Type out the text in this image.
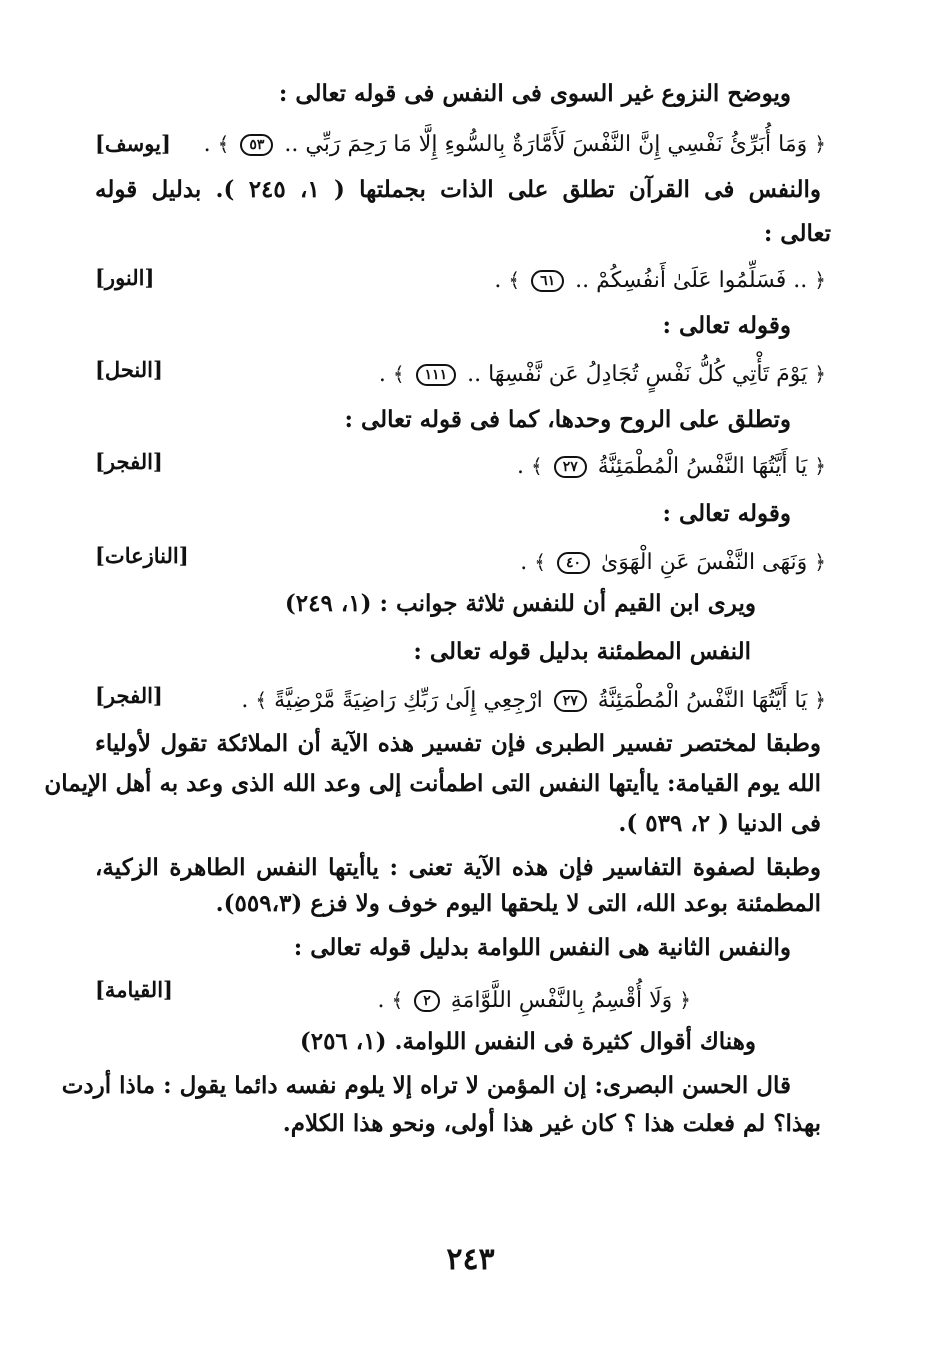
ويوضح النزوع غير السوى فى النفس فى قوله تعالى :
﴿ وَمَا أُبَرِّئُ نَفْسِي إِنَّ النَّفْسَ لَأَمَّارَةٌ بِالسُّوءِ إِلَّا مَا رَحِمَ رَبِّي .. ٥٣ ﴾ .
[يوسف]
والنفس فى القرآن تطلق على الذات بجملتها ( ١، ٢٤٥ ). بدليل قوله
تعالى :
﴿ .. فَسَلِّمُوا عَلَىٰ أَنفُسِكُمْ .. ٦١ ﴾ .
[النور]
وقوله تعالى :
﴿ يَوْمَ تَأْتِي كُلُّ نَفْسٍ تُجَادِلُ عَن نَّفْسِهَا .. ١١١ ﴾ .
[النحل]
وتطلق على الروح وحدها، كما فى قوله تعالى :
﴿ يَا أَيَّتُهَا النَّفْسُ الْمُطْمَئِنَّةُ ٢٧ ﴾ .
[الفجر]
وقوله تعالى :
﴿ وَنَهَى النَّفْسَ عَنِ الْهَوَىٰ ٤٠ ﴾ .
[النازعات]
ويرى ابن القيم أن للنفس ثلاثة جوانب : (١، ٢٤٩)
النفس المطمئنة بدليل قوله تعالى :
﴿ يَا أَيَّتُهَا النَّفْسُ الْمُطْمَئِنَّةُ ٢٧ ارْجِعِي إِلَىٰ رَبِّكِ رَاضِيَةً مَّرْضِيَّةً ﴾ .
[الفجر]
وطبقا لمختصر تفسير الطبرى فإن تفسير هذه الآية أن الملائكة تقول لأولياء
الله يوم القيامة: ياأيتها النفس التى اطمأنت إلى وعد الله الذى وعد به أهل الإيمان
فى الدنيا ( ٢، ٥٣٩ ).
وطبقا لصفوة التفاسير فإن هذه الآية تعنى : ياأيتها النفس الطاهرة الزكية،
المطمئنة بوعد الله، التى لا يلحقها اليوم خوف ولا فزع (٥٥٩،٣).
والنفس الثانية هى النفس اللوامة بدليل قوله تعالى :
﴿ وَلَا أُقْسِمُ بِالنَّفْسِ اللَّوَّامَةِ ٢ ﴾ .
[القيامة]
وهناك أقوال كثيرة فى النفس اللوامة. (١، ٢٥٦)
قال الحسن البصرى: إن المؤمن لا تراه إلا يلوم نفسه دائما يقول : ماذا أردت
بهذا؟ لم فعلت هذا ؟ كان غير هذا أولى، ونحو هذا الكلام.
٢٤٣
